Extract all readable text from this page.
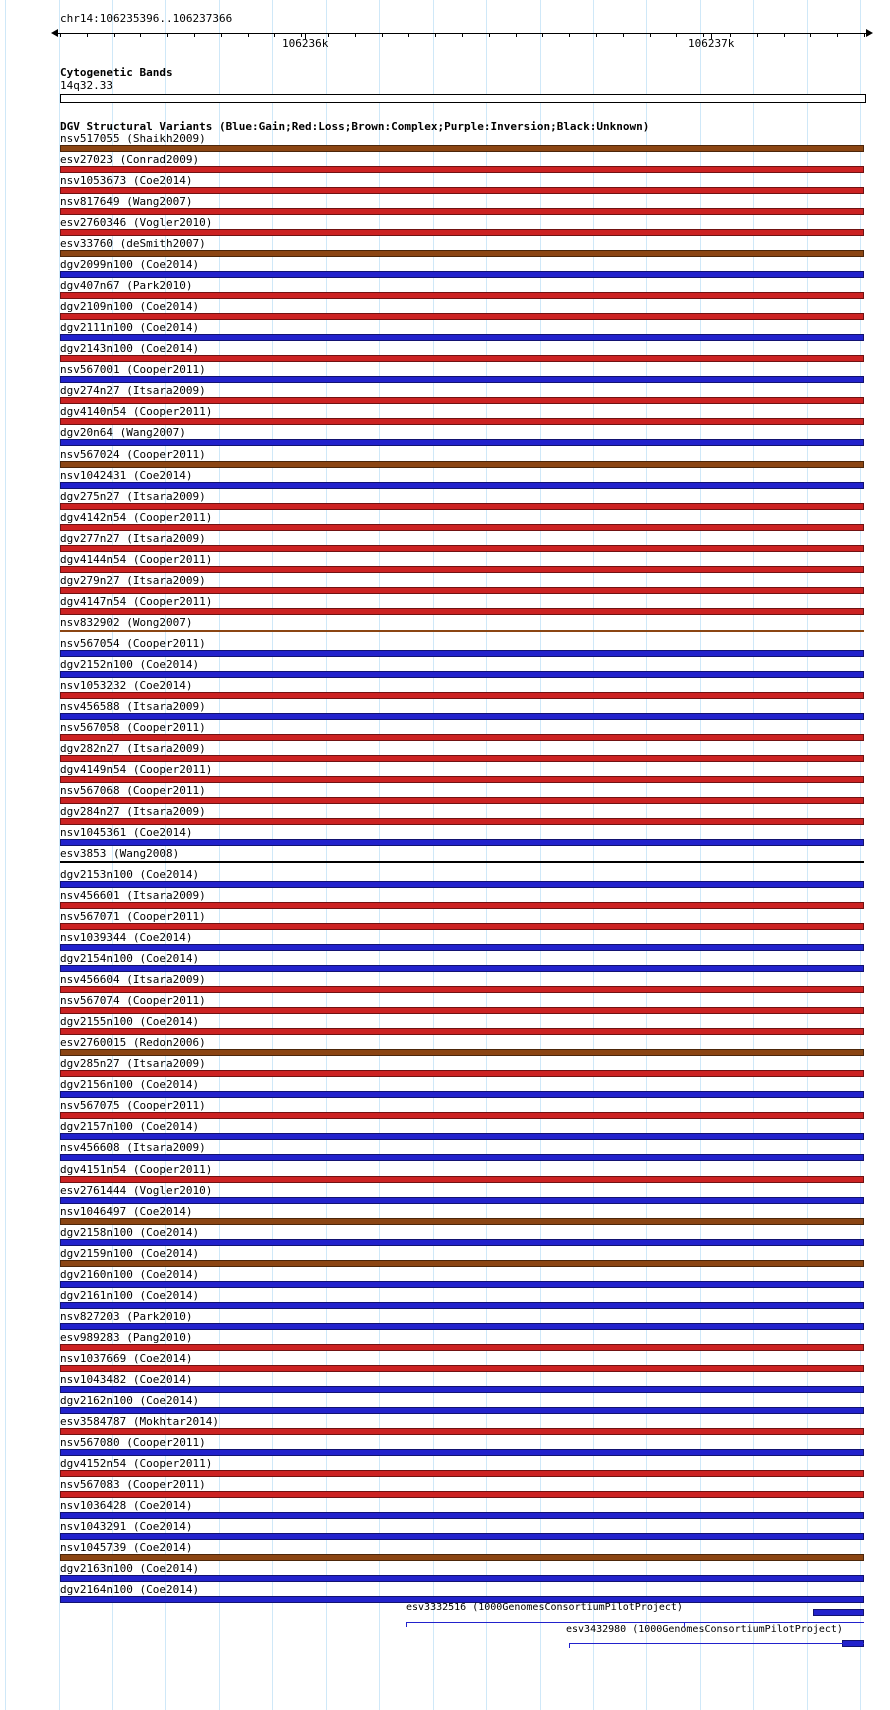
chr14:106235396..106237366
106236k	106237k
Cytogenetic Bands
14q32.33
DGV Structural Variants (Blue:Gain;Red:Loss;Brown:Complex;Purple:Inversion;Black:Unknown)
nsv517055 (Shaikh2009)
esv27023 (Conrad2009)
nsv1053673 (Coe2014)
nsv817649 (Wang2007)
esv2760346 (Vogler2010)
esv33760 (deSmith2007)
dgv2099n100 (Coe2014)
dgv407n67 (Park2010)
dgv2109n100 (Coe2014)
dgv2111n100 (Coe2014)
dgv2143n100 (Coe2014)
nsv567001 (Cooper2011)
dgv274n27 (Itsara2009)
dgv4140n54 (Cooper2011)
dgv20n64 (Wang2007)
nsv567024 (Cooper2011)
nsv1042431 (Coe2014)
dgv275n27 (Itsara2009)
dgv4142n54 (Cooper2011)
dgv277n27 (Itsara2009)
dgv4144n54 (Cooper2011)
dgv279n27 (Itsara2009)
dgv4147n54 (Cooper2011)
nsv832902 (Wong2007)
nsv567054 (Cooper2011)
dgv2152n100 (Coe2014)
nsv1053232 (Coe2014)
nsv456588 (Itsara2009)
nsv567058 (Cooper2011)
dgv282n27 (Itsara2009)
dgv4149n54 (Cooper2011)
nsv567068 (Cooper2011)
dgv284n27 (Itsara2009)
nsv1045361 (Coe2014)
esv3853 (Wang2008)
dgv2153n100 (Coe2014)
nsv456601 (Itsara2009)
nsv567071 (Cooper2011)
nsv1039344 (Coe2014)
dgv2154n100 (Coe2014)
nsv456604 (Itsara2009)
nsv567074 (Cooper2011)
dgv2155n100 (Coe2014)
esv2760015 (Redon2006)
dgv285n27 (Itsara2009)
dgv2156n100 (Coe2014)
nsv567075 (Cooper2011)
dgv2157n100 (Coe2014)
nsv456608 (Itsara2009)
dgv4151n54 (Cooper2011)
esv2761444 (Vogler2010)
nsv1046497 (Coe2014)
dgv2158n100 (Coe2014)
dgv2159n100 (Coe2014)
dgv2160n100 (Coe2014)
dgv2161n100 (Coe2014)
nsv827203 (Park2010)
esv989283 (Pang2010)
nsv1037669 (Coe2014)
nsv1043482 (Coe2014)
dgv2162n100 (Coe2014)
esv3584787 (Mokhtar2014)
nsv567080 (Cooper2011)
dgv4152n54 (Cooper2011)
nsv567083 (Cooper2011)
nsv1036428 (Coe2014)
nsv1043291 (Coe2014)
nsv1045739 (Coe2014)
dgv2163n100 (Coe2014)
dgv2164n100 (Coe2014)
esv3332516 (1000GenomesConsortiumPilotProject)
esv3432980 (1000GenomesConsortiumPilotProject)
